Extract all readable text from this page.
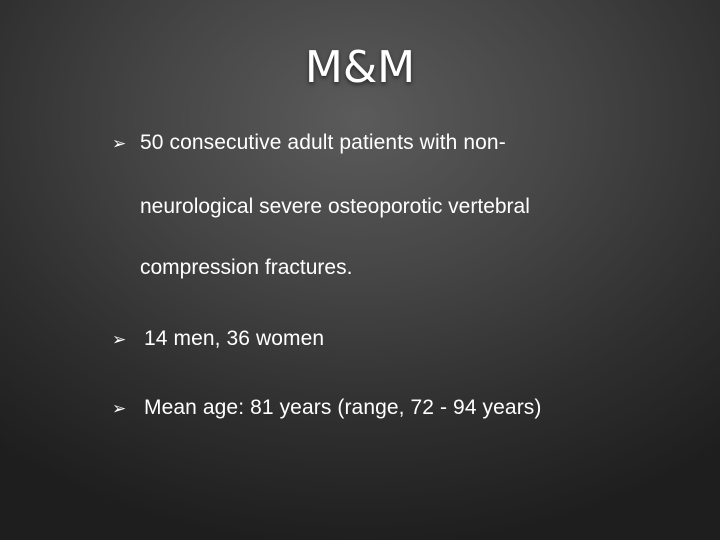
M&M
➢ 50 consecutive adult patients with non-
neurological severe osteoporotic vertebral
compression fractures.
➢ 14 men, 36 women
➢ Mean age: 81 years (range, 72 - 94 years)
